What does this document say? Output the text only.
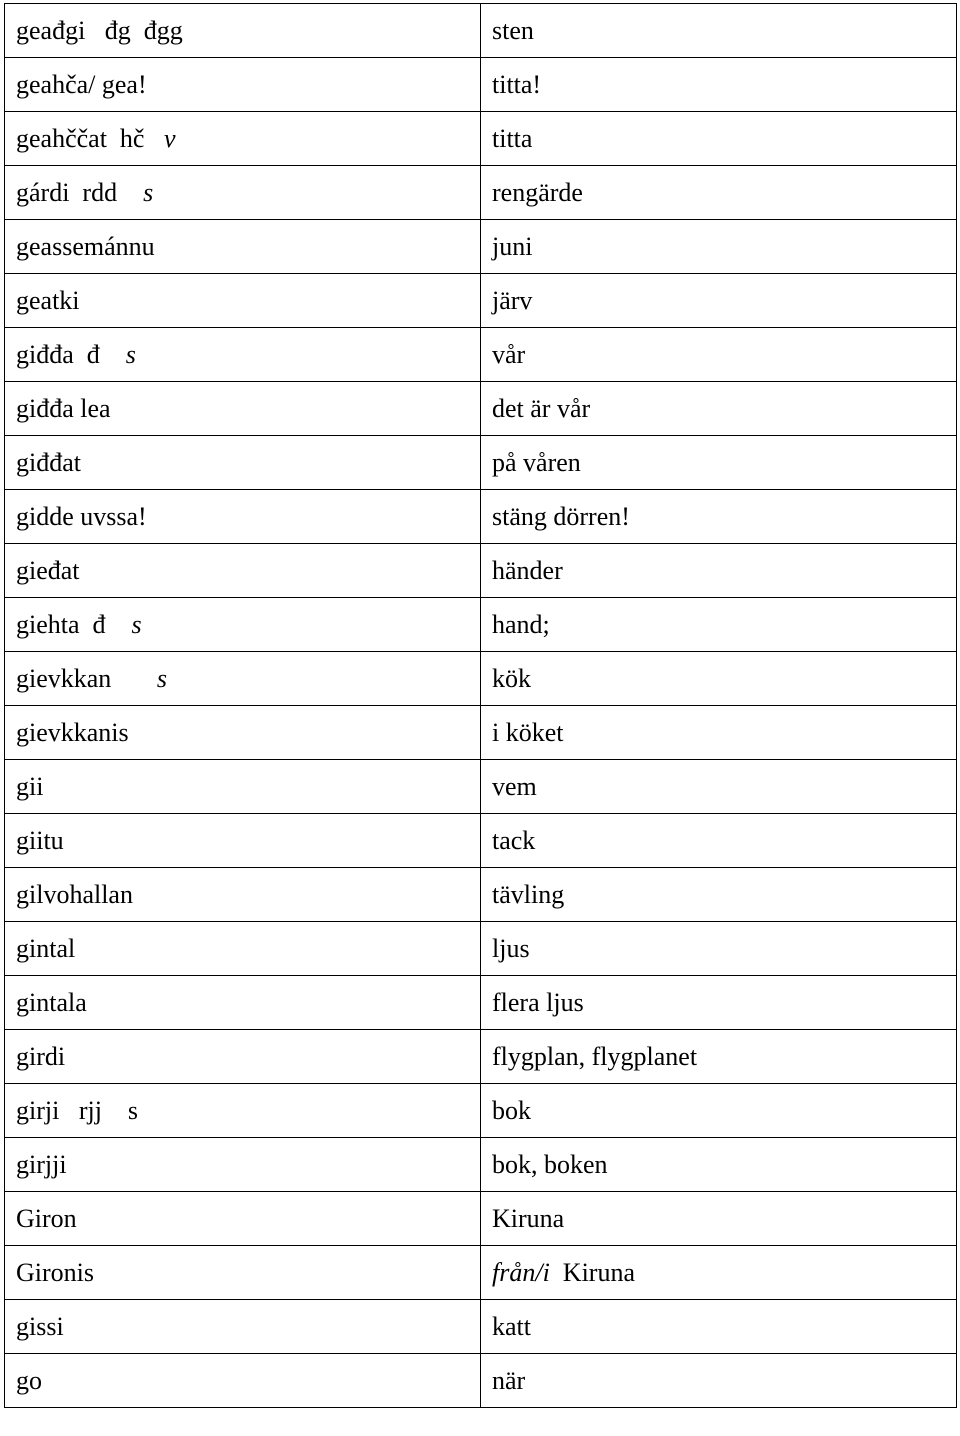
geađgi   đg  đgg	sten
geahča/ gea!	titta!
geahččat  hč   v	titta
gárdi  rdd    s	rengärde
geassemánnu	juni
geatki	järv
giđđa  đ    s	vår
giđđa lea	det är vår
giđđat	på våren
gidde uvssa!	stäng dörren!
gieđat	händer
giehta  đ    s	hand;
gievkkan       s	kök
gievkkanis	i köket
gii	vem
giitu	tack
gilvohallan	tävling
gintal	ljus
gintala	flera ljus
girdi	flygplan, flygplanet
girji   rjj    s	bok
girjji	bok, boken
Giron	Kiruna
Gironis	från/i  Kiruna
gissi	katt
go	när
